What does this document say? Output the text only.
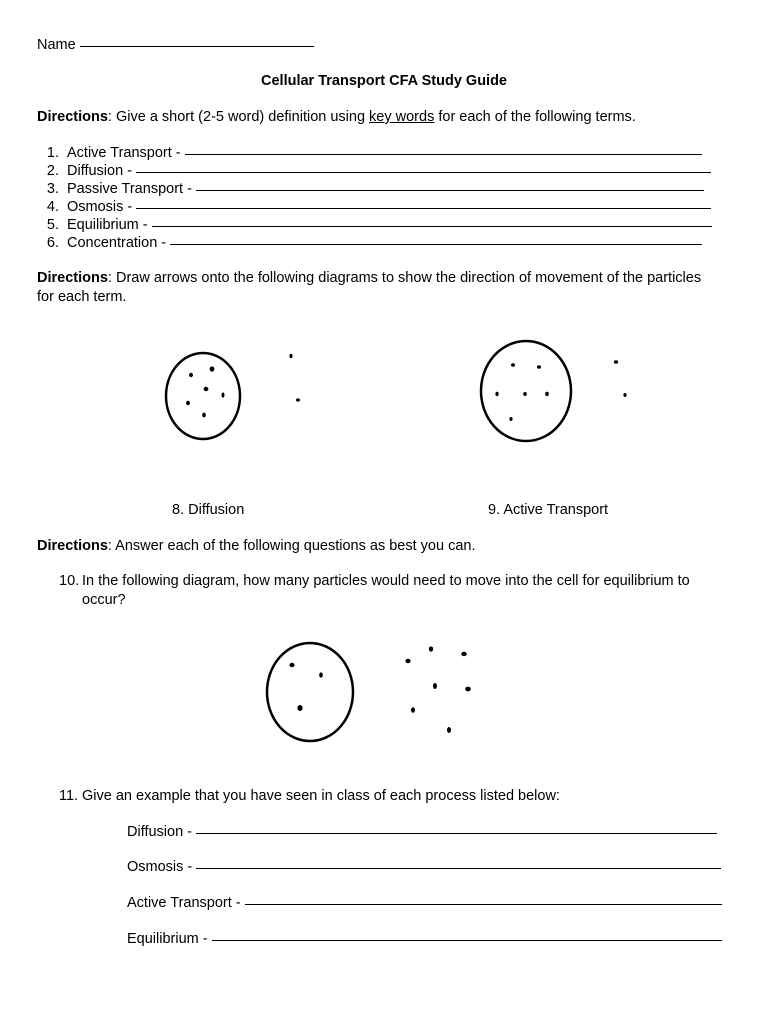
Name
Cellular Transport CFA Study Guide
Directions: Give a short (2-5 word) definition using key words for each of the following terms.
1. Active Transport -
2. Diffusion -
3. Passive Transport -
4. Osmosis -
5. Equilibrium -
6. Concentration -
Directions: Draw arrows onto the following diagrams to show the direction of movement of the particles
for each term.
8. Diffusion	9. Active Transport
Directions: Answer each of the following questions as best you can.
10. In the following diagram, how many particles would need to move into the cell for equilibrium to
occur?
11. Give an example that you have seen in class of each process listed below:
Diffusion -
Osmosis -
Active Transport -
Equilibrium -
